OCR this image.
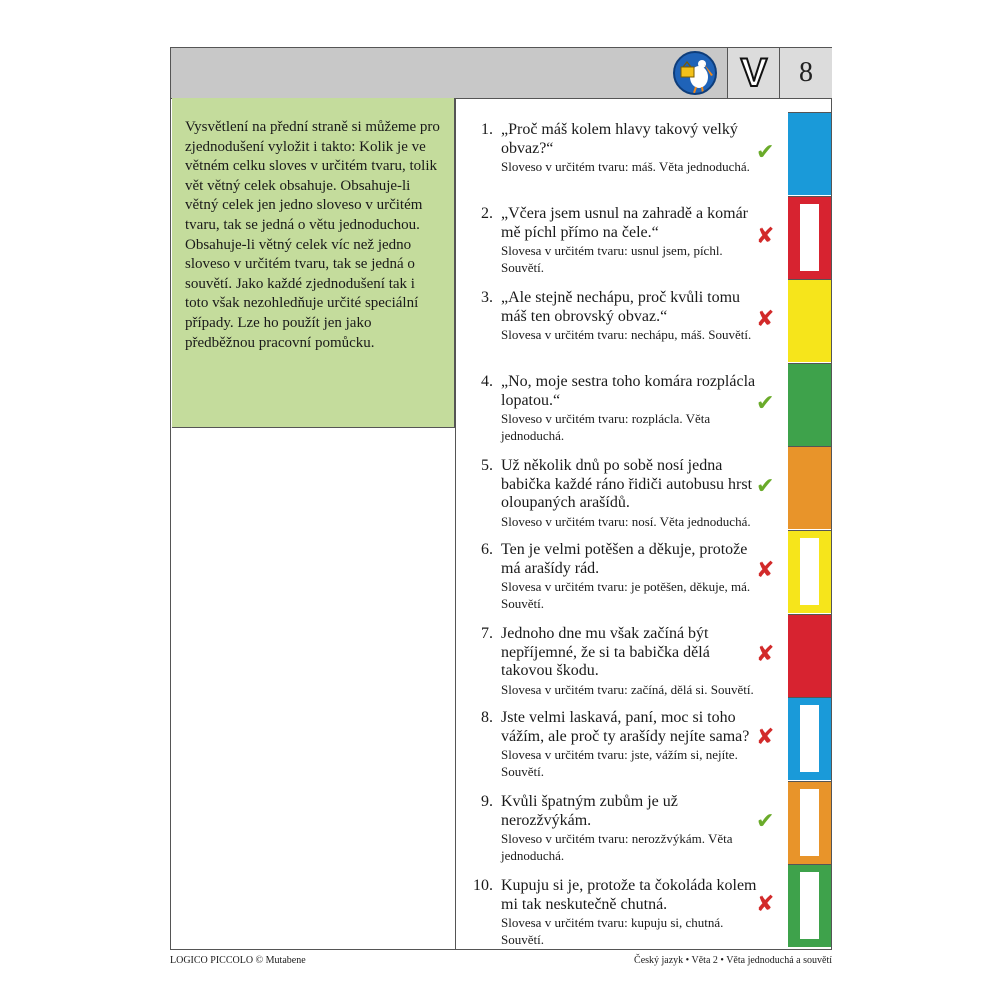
V 8
Vysvětlení na přední straně si můžeme pro zjednodušení vyložit i takto: Kolik je ve větném celku sloves v určitém tvaru, tolik vět větný celek obsahuje. Obsahuje-li větný celek jen jedno sloveso v určitém tvaru, tak se jedná o větu jednoduchou. Obsahuje-li větný celek víc než jedno sloveso v určitém tvaru, tak se jedná o souvětí. Jako každé zjednodušení tak i toto však nezohledňuje určité speciální případy. Lze ho použít jen jako předběžnou pracovní pomůcku.
1. „Proč máš kolem hlavy takový velký obvaz?“
Sloveso v určitém tvaru: máš. Věta jednoduchá.
✔
2. „Včera jsem usnul na zahradě a komár mě píchl přímo na čele.“
Slovesa v určitém tvaru: usnul jsem, píchl. Souvětí.
✘
3. „Ale stejně nechápu, proč kvůli tomu máš ten obrovský obvaz.“
Slovesa v určitém tvaru: nechápu, máš. Souvětí.
✘
4. „No, moje sestra toho komára rozplácla lopatou.“
Sloveso v určitém tvaru: rozplácla. Věta jednoduchá.
✔
5. Už několik dnů po sobě nosí jedna babička každé ráno řidiči autobusu hrst oloupaných arašídů.
Sloveso v určitém tvaru: nosí. Věta jednoduchá.
✔
6. Ten je velmi potěšen a děkuje, protože má arašídy rád.
Slovesa v určitém tvaru: je potěšen, děkuje, má. Souvětí.
✘
7. Jednoho dne mu však začíná být nepříjemné, že si ta babička dělá takovou škodu.
Slovesa v určitém tvaru: začíná, dělá si. Souvětí.
✘
8. Jste velmi laskavá, paní, moc si toho vážím, ale proč ty arašídy nejíte sama?
Slovesa v určitém tvaru: jste, vážím si, nejíte. Souvětí.
✘
9. Kvůli špatným zubům je už nerozžvýkám.
Sloveso v určitém tvaru: nerozžvýkám. Věta jednoduchá.
✔
10. Kupuju si je, protože ta čokoláda kolem mi tak neskutečně chutná.
Slovesa v určitém tvaru: kupuju si, chutná. Souvětí.
✘
LOGICO PICCOLO © Mutabene	Český jazyk • Věta 2 • Věta jednoduchá a souvětí
